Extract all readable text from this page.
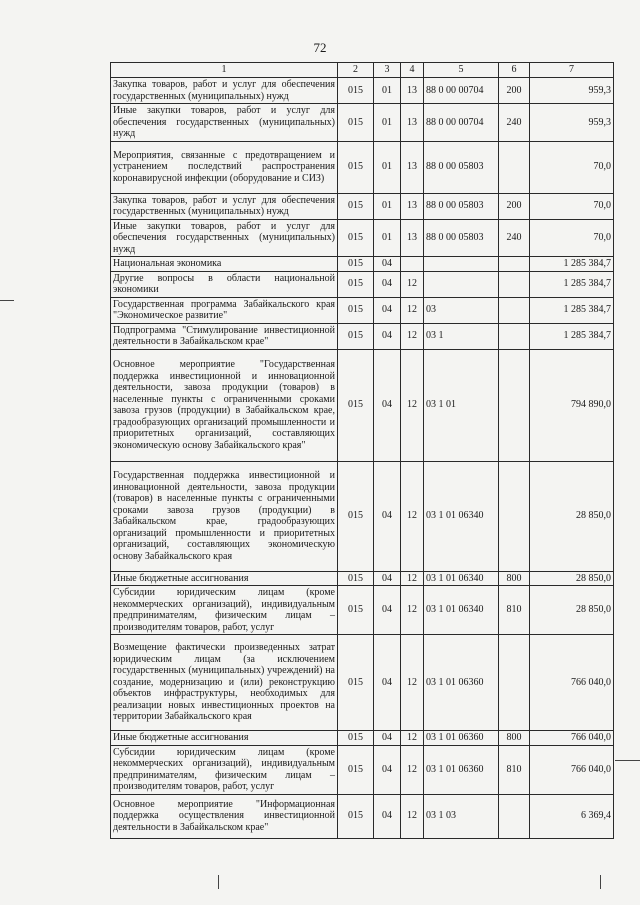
72
1	2	3	4	5	6	7
Закупка товаров, работ и услуг для обеспечения государственных (муниципальных) нужд	015	01	13	88 0 00 00704	200	959,3
Иные закупки товаров, работ и услуг для обеспечения государственных (муниципальных) нужд	015	01	13	88 0 00 00704	240	959,3
Мероприятия, связанные с предотвращением и устранением последствий распространения коронавирусной инфекции (оборудование и СИЗ)	015	01	13	88 0 00 05803		70,0
Закупка товаров, работ и услуг для обеспечения государственных (муниципальных) нужд	015	01	13	88 0 00 05803	200	70,0
Иные закупки товаров, работ и услуг для обеспечения государственных (муниципальных) нужд	015	01	13	88 0 00 05803	240	70,0
Национальная экономика	015	04				1 285 384,7
Другие вопросы в области национальной экономики	015	04	12			1 285 384,7
Государственная программа Забайкальского края "Экономическое развитие"	015	04	12	03		1 285 384,7
Подпрограмма "Стимулирование инвестиционной деятельности в Забайкальском крае"	015	04	12	03 1		1 285 384,7
Основное мероприятие "Государственная поддержка инвестиционной и инновационной деятельности, завоза продукции (товаров) в населенные пункты с ограниченными сроками завоза грузов (продукции) в Забайкальском крае, градообразующих организаций промышленности и приоритетных организаций, составляющих экономическую основу Забайкальского края"	015	04	12	03 1 01		794 890,0
Государственная поддержка инвестиционной и инновационной деятельности, завоза продукции (товаров) в населенные пункты с ограниченными сроками завоза грузов (продукции) в Забайкальском крае, градообразующих организаций промышленности и приоритетных организаций, составляющих экономическую основу Забайкальского края	015	04	12	03 1 01 06340		28 850,0
Иные бюджетные ассигнования	015	04	12	03 1 01 06340	800	28 850,0
Субсидии юридическим лицам (кроме некоммерческих организаций), индивидуальным предпринимателям, физическим лицам – производителям товаров, работ, услуг	015	04	12	03 1 01 06340	810	28 850,0
Возмещение фактически произведенных затрат юридическим лицам (за исключением государственных (муниципальных) учреждений) на создание, модернизацию и (или) реконструкцию объектов инфраструктуры, необходимых для реализации новых инвестиционных проектов на территории Забайкальского края	015	04	12	03 1 01 06360		766 040,0
Иные бюджетные ассигнования	015	04	12	03 1 01 06360	800	766 040,0
Субсидии юридическим лицам (кроме некоммерческих организаций), индивидуальным предпринимателям, физическим лицам – производителям товаров, работ, услуг	015	04	12	03 1 01 06360	810	766 040,0
Основное мероприятие "Информационная поддержка осуществления инвестиционной деятельности в Забайкальском крае"	015	04	12	03 1 03		6 369,4
